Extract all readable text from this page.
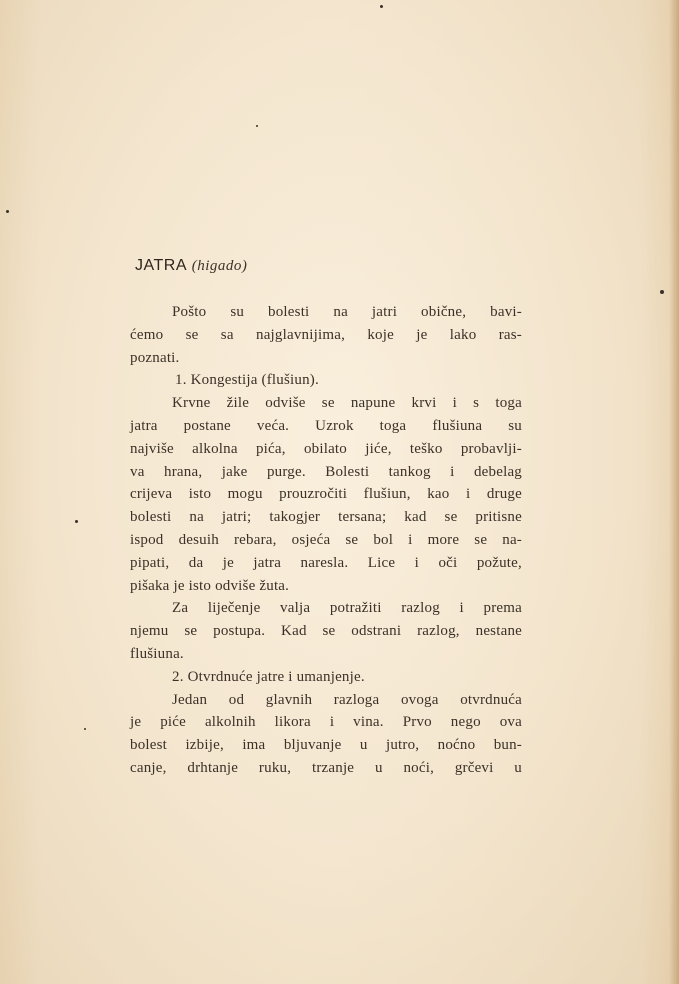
JATRA (higado)
Pošto su bolesti na jatri obične, bavi-
ćemo se sa najglavnijima, koje je lako ras-
poznati.
1. Kongestija (flušiun).
Krvne žile odviše se napune krvi i s toga
jatra postane veća. Uzrok toga flušiuna su
najviše alkolna pića, obilato jiće, teško probavlji-
va hrana, jake purge. Bolesti tankog i debelag
crijeva isto mogu prouzročiti flušiun, kao i druge
bolesti na jatri; takogjer tersana; kad se pritisne
ispod desuih rebara, osjeća se bol i more se na-
pipati, da je jatra naresla. Lice i oči požute,
pišaka je isto odviše žuta.
Za liječenje valja potražiti razlog i prema
njemu se postupa. Kad se odstrani razlog, nestane
flušiuna.
2. Otvrdnuće jatre i umanjenje.
Jedan od glavnih razloga ovoga otvrdnuća
je piće alkolnih likora i vina. Prvo nego ova
bolest izbije, ima bljuvanje u jutro, noćno bun-
canje, drhtanje ruku, trzanje u noći, grčevi u
